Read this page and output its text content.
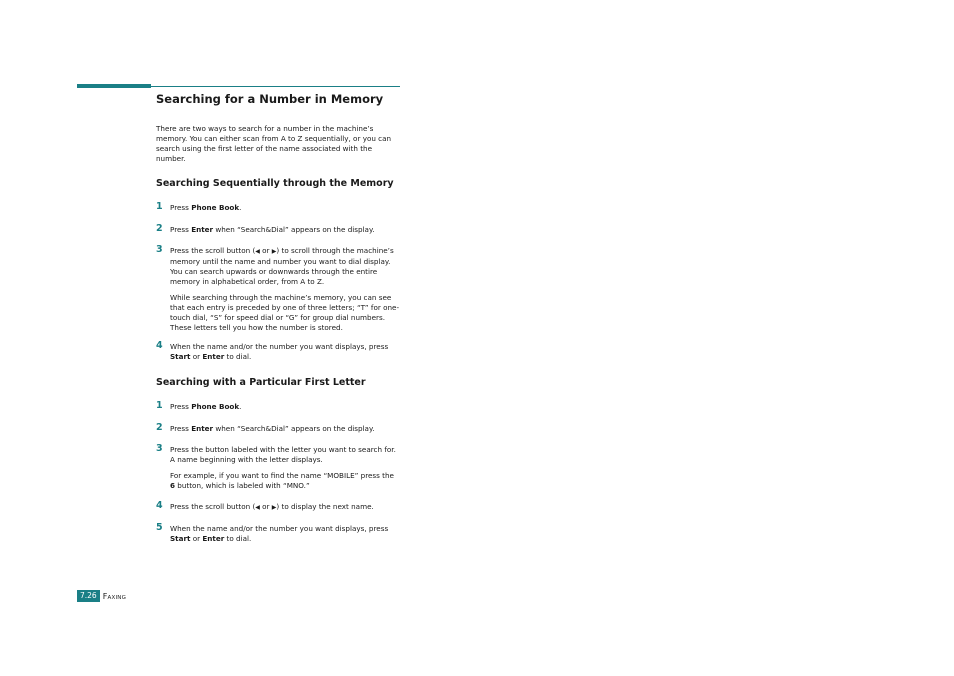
Searching for a Number in Memory

There are two ways to search for a number in the machine’s memory. You can either scan from A to Z sequentially, or you can search using the first letter of the name associated with the number.

Searching Sequentially through the Memory
1 Press Phone Book.
2 Press Enter when “Search&Dial” appears on the display.
3 Press the scroll button (◀ or ▶) to scroll through the machine’s memory until the name and number you want to dial display. You can search upwards or downwards through the entire memory in alphabetical order, from A to Z.
While searching through the machine’s memory, you can see that each entry is preceded by one of three letters; “T” for one-touch dial, “S” for speed dial or “G” for group dial numbers. These letters tell you how the number is stored.
4 When the name and/or the number you want displays, press Start or Enter to dial.
Searching with a Particular First Letter
1 Press Phone Book.
2 Press Enter when “Search&Dial” appears on the display.
3 Press the button labeled with the letter you want to search for. A name beginning with the letter displays.
For example, if you want to find the name “MOBILE” press the 6 button, which is labeled with “MNO.”
4 Press the scroll button (◀ or ▶) to display the next name.
5 When the name and/or the number you want displays, press Start or Enter to dial.
7.26 FAXING
